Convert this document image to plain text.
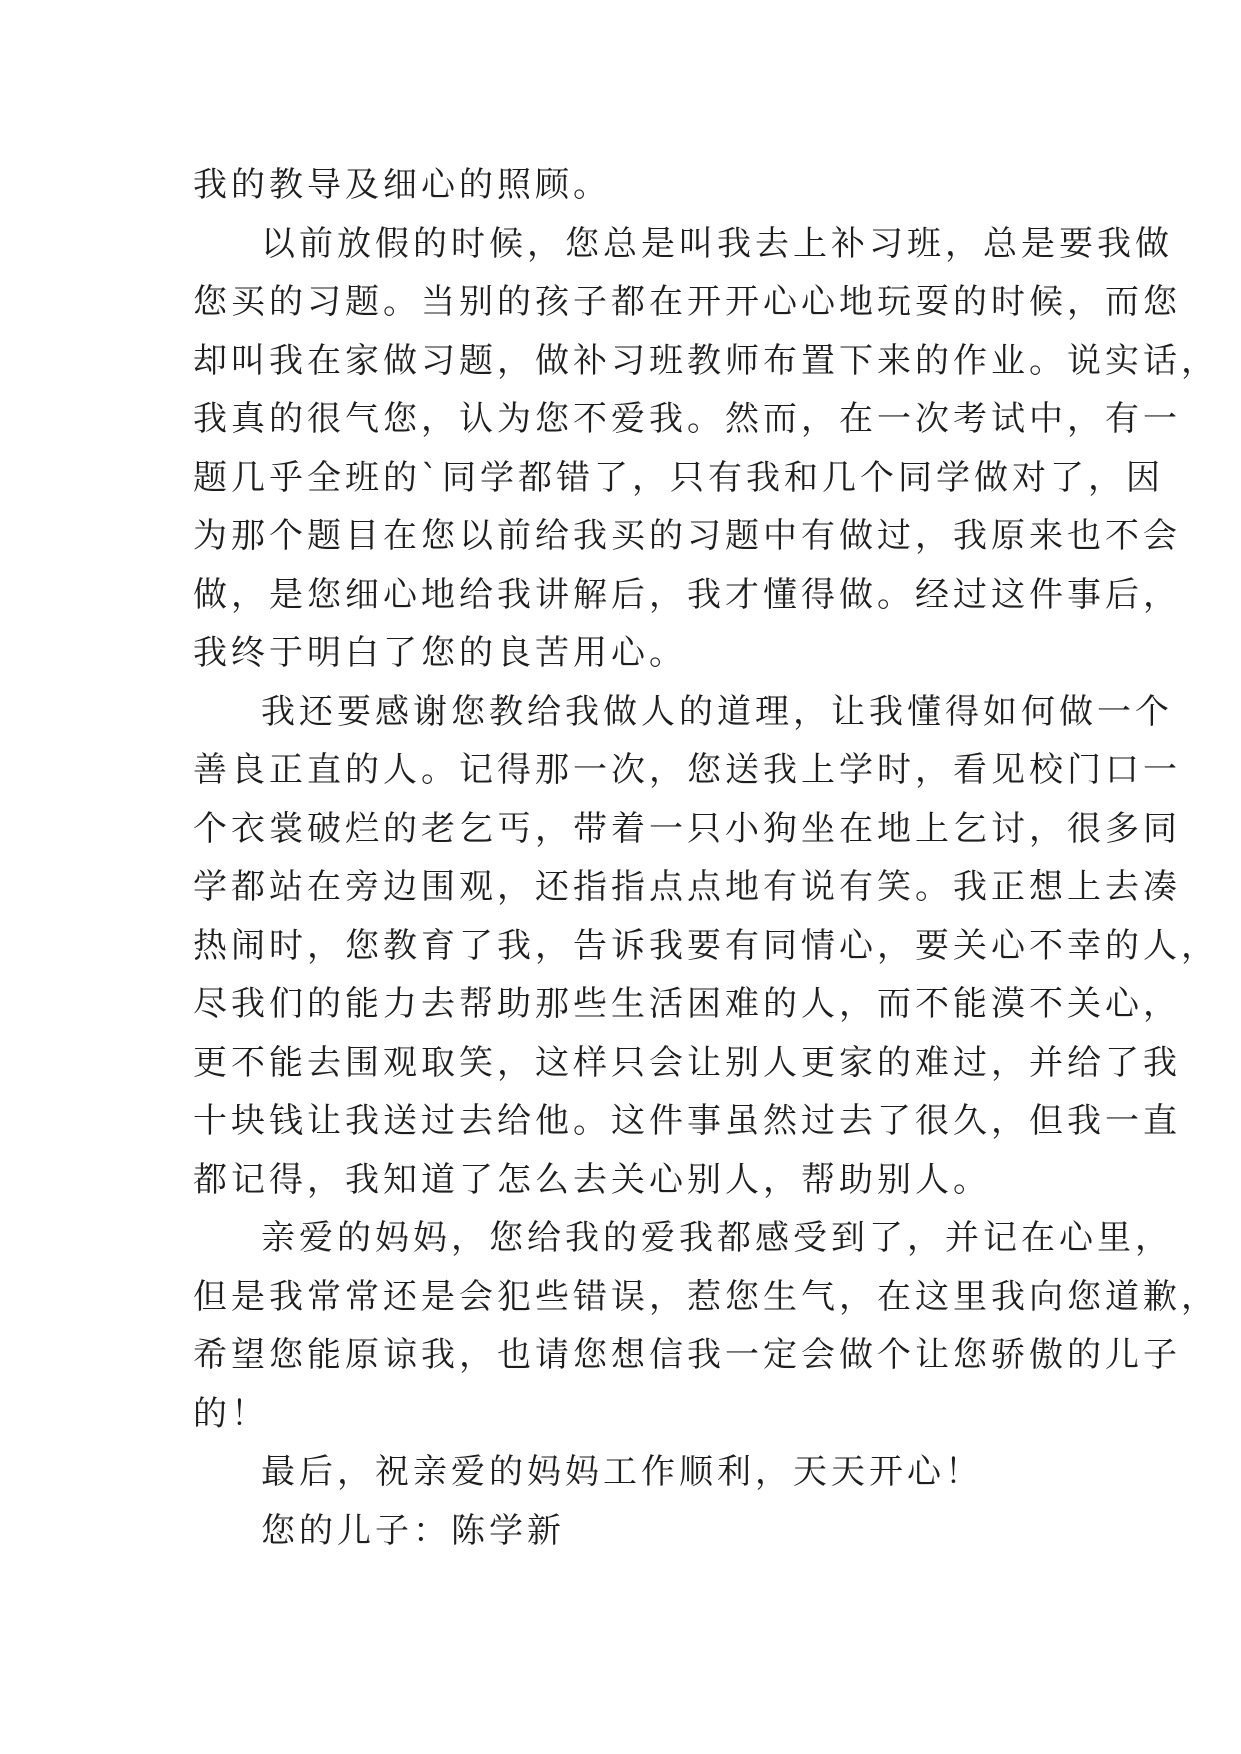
我的教导及细心的照顾。
以前放假的时候，您总是叫我去上补习班，总是要我做
您买的习题。当别的孩子都在开开心心地玩耍的时候，而您
却叫我在家做习题，做补习班教师布置下来的作业。说实话，
我真的很气您，认为您不爱我。然而，在一次考试中，有一
题几乎全班的`同学都错了，只有我和几个同学做对了，因
为那个题目在您以前给我买的习题中有做过，我原来也不会
做，是您细心地给我讲解后，我才懂得做。经过这件事后，
我终于明白了您的良苦用心。
我还要感谢您教给我做人的道理，让我懂得如何做一个
善良正直的人。记得那一次，您送我上学时，看见校门口一
个衣裳破烂的老乞丐，带着一只小狗坐在地上乞讨，很多同
学都站在旁边围观，还指指点点地有说有笑。我正想上去凑
热闹时，您教育了我，告诉我要有同情心，要关心不幸的人，
尽我们的能力去帮助那些生活困难的人，而不能漠不关心，
更不能去围观取笑，这样只会让别人更家的难过，并给了我
十块钱让我送过去给他。这件事虽然过去了很久，但我一直
都记得，我知道了怎么去关心别人，帮助别人。
亲爱的妈妈，您给我的爱我都感受到了，并记在心里，
但是我常常还是会犯些错误，惹您生气，在这里我向您道歉，
希望您能原谅我，也请您想信我一定会做个让您骄傲的儿子
的！
最后，祝亲爱的妈妈工作顺利，天天开心！
您的儿子：陈学新
